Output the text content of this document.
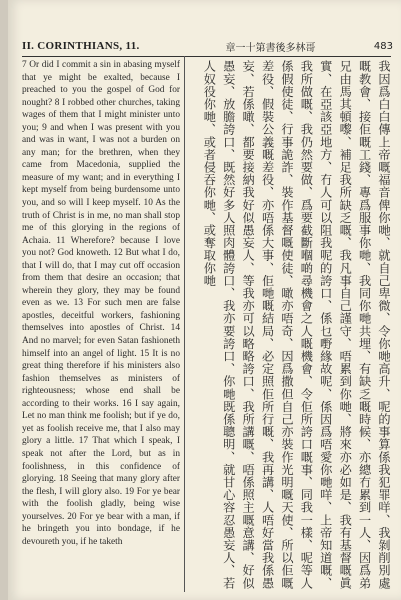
II. CORINTHIANS, 11.	章一十第書後多林哥	483

7 Or did I commit a sin in abasing myself that ye might be exalted, because I preached to you the gospel of God for nought? 8 I robbed other churches, taking wages of them that I might minister unto you; 9 and when I was present with you and was in want, I was not a burden on any man; for the brethren, when they came from Macedonia, supplied the measure of my want; and in everything I kept myself from being burdensome unto you, and so will I keep myself. 10 As the truth of Christ is in me, no man shall stop me of this glorying in the regions of Achaia. 11 Wherefore? because I love you not? God knoweth. 12 But what I do, that I will do, that I may cut off occasion from them that desire an occasion; that wherein they glory, they may be found even as we. 13 For such men are false apostles, deceitful workers, fashioning themselves into apostles of Christ. 14 And no marvel; for even Satan fashioneth himself into an angel of light. 15 It is no great thing therefore if his ministers also fashion themselves as ministers of righteousness; whose end shall be according to their works. 16 I say again, Let no man think me foolish; but if ye do, yet as foolish receive me, that I also may glory a little. 17 That which I speak, I speak not after the Lord, but as in foolishness, in this confidence of glorying. 18 Seeing that many glory after the flesh, I will glory also. 19 For ye bear with the foolish gladly, being wise yourselves. 20 For ye bear with a man, if he bringeth you into bondage, if he devoureth you, if he taketh	我因爲白白傳上帝嘅福音俾你哋、就自己卑微、令你哋高升、呢的事算係我犯罪咩、我剝削別處嘅教會、接佢嘅工錢、專爲服事你哋、我同你哋共埋、有缺乏嘅時候、亦總冇累到一人、因爲弟兄由馬其頓嚟、補足我所缺乏嘅、我凡事自己謹守、唔累到你哋、將來亦必如是、我有基督嘅眞實、在亞該亞地方、冇人可以阻我呢的誇口、係乜嘢緣故呢、係因爲唔愛你哋咩、上帝知道嘅、我所做嘅、我仍然要做、爲要截斷嗰啲尋機會之人嘅機會、令佢所誇口嘅事、同我一樣、呢等人係假使徒、行事詭詐、裝作基督嘅使徒、噉亦唔奇、因爲撒但自己亦裝作光明嘅天使、所以佢嘅差役、假裝公義嘅差役、亦唔係大事、佢哋嘅結局、必定照佢所行嘅、我再講、人唔好當我係愚妄、若係噉、都要接納我好似愚妄人、等我亦可以略略誇口、我所講嘅、唔係照主嘅意講、好似愚妄、放膽誇口、既然好多人照肉體誇口、我亦要誇口、你哋既係聰明、就甘心容忍愚妄人、若人奴役你哋、或者侵吞你哋、或奪取你哋
